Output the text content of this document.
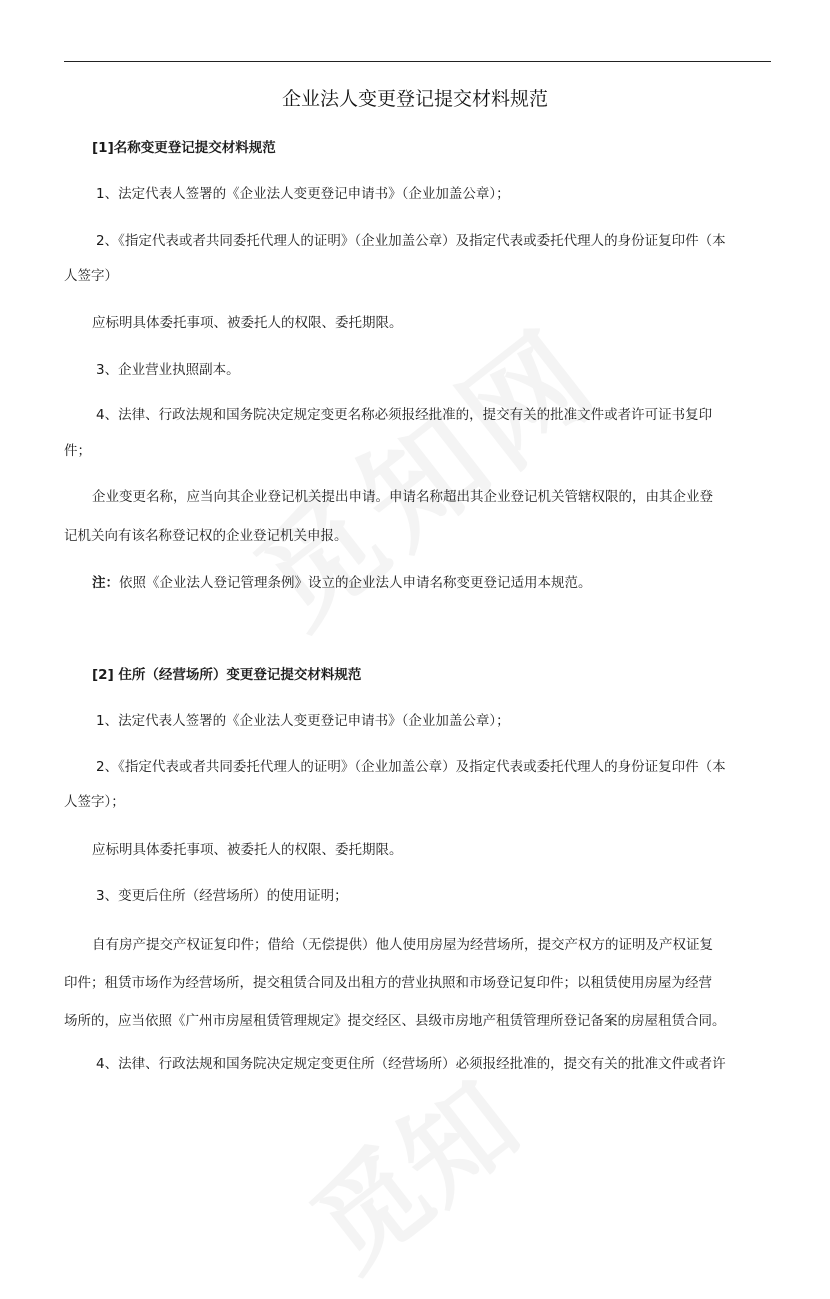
企业法人变更登记提交材料规范

[1]名称变更登记提交材料规范

1、法定代表人签署的《企业法人变更登记申请书》（企业加盖公章）；

2、《指定代表或者共同委托代理人的证明》（企业加盖公章）及指定代表或委托代理人的身份证复印件（本

人签字）

应标明具体委托事项、被委托人的权限、委托期限。

3、企业营业执照副本。

4、法律、行政法规和国务院决定规定变更名称必须报经批准的，提交有关的批准文件或者许可证书复印

件；

企业变更名称，应当向其企业登记机关提出申请。申请名称超出其企业登记机关管辖权限的，由其企业登

记机关向有该名称登记权的企业登记机关申报。

注：依照《企业法人登记管理条例》设立的企业法人申请名称变更登记适用本规范。

[2] 住所（经营场所）变更登记提交材料规范

1、法定代表人签署的《企业法人变更登记申请书》（企业加盖公章）；

2、《指定代表或者共同委托代理人的证明》（企业加盖公章）及指定代表或委托代理人的身份证复印件（本

人签字）；

应标明具体委托事项、被委托人的权限、委托期限。

3、变更后住所（经营场所）的使用证明；

自有房产提交产权证复印件；借给（无偿提供）他人使用房屋为经营场所，提交产权方的证明及产权证复

印件；租赁市场作为经营场所，提交租赁合同及出租方的营业执照和市场登记复印件；以租赁使用房屋为经营

场所的，应当依照《广州市房屋租赁管理规定》提交经区、县级市房地产租赁管理所登记备案的房屋租赁合同。

4、法律、行政法规和国务院决定规定变更住所（经营场所）必须报经批准的，提交有关的批准文件或者许
